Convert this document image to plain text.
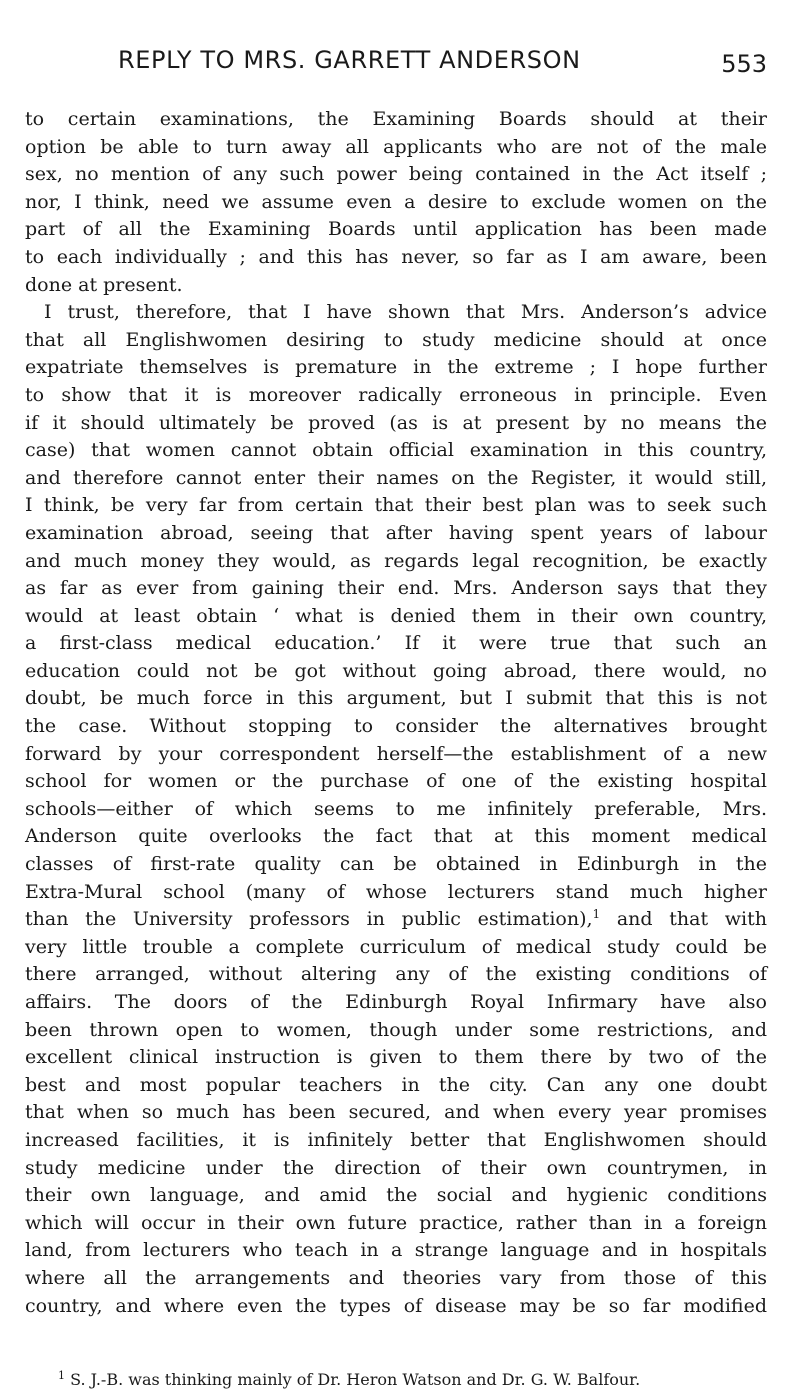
REPLY TO MRS. GARRETT ANDERSON	553
to certain examinations, the Examining Boards should at their
option be able to turn away all applicants who are not of the male
sex, no mention of any such power being contained in the Act itself ;
nor, I think, need we assume even a desire to exclude women on the
part of all the Examining Boards until application has been made
to each individually ; and this has never, so far as I am aware, been
done at present.
I trust, therefore, that I have shown that Mrs. Anderson’s advice
that all Englishwomen desiring to study medicine should at once
expatriate themselves is premature in the extreme ; I hope further
to show that it is moreover radically erroneous in principle. Even
if it should ultimately be proved (as is at present by no means the
case) that women cannot obtain official examination in this country,
and therefore cannot enter their names on the Register, it would still,
I think, be very far from certain that their best plan was to seek such
examination abroad, seeing that after having spent years of labour
and much money they would, as regards legal recognition, be exactly
as far as ever from gaining their end. Mrs. Anderson says that they
would at least obtain ‘ what is denied them in their own country,
a first-class medical education.’ If it were true that such an
education could not be got without going abroad, there would, no
doubt, be much force in this argument, but I submit that this is not
the case. Without stopping to consider the alternatives brought
forward by your correspondent herself—the establishment of a new
school for women or the purchase of one of the existing hospital
schools—either of which seems to me infinitely preferable, Mrs.
Anderson quite overlooks the fact that at this moment medical
classes of first-rate quality can be obtained in Edinburgh in the
Extra-Mural school (many of whose lecturers stand much higher
than the University professors in public estimation),$^1$ and that with
very little trouble a complete curriculum of medical study could be
there arranged, without altering any of the existing conditions of
affairs. The doors of the Edinburgh Royal Infirmary have also
been thrown open to women, though under some restrictions, and
excellent clinical instruction is given to them there by two of the
best and most popular teachers in the city. Can any one doubt
that when so much has been secured, and when every year promises
increased facilities, it is infinitely better that Englishwomen should
study medicine under the direction of their own countrymen, in
their own language, and amid the social and hygienic conditions
which will occur in their own future practice, rather than in a foreign
land, from lecturers who teach in a strange language and in hospitals
where all the arrangements and theories vary from those of this
country, and where even the types of disease may be so far modified
$^1$ S. J.-B. was thinking mainly of Dr. Heron Watson and Dr. G. W. Balfour.
